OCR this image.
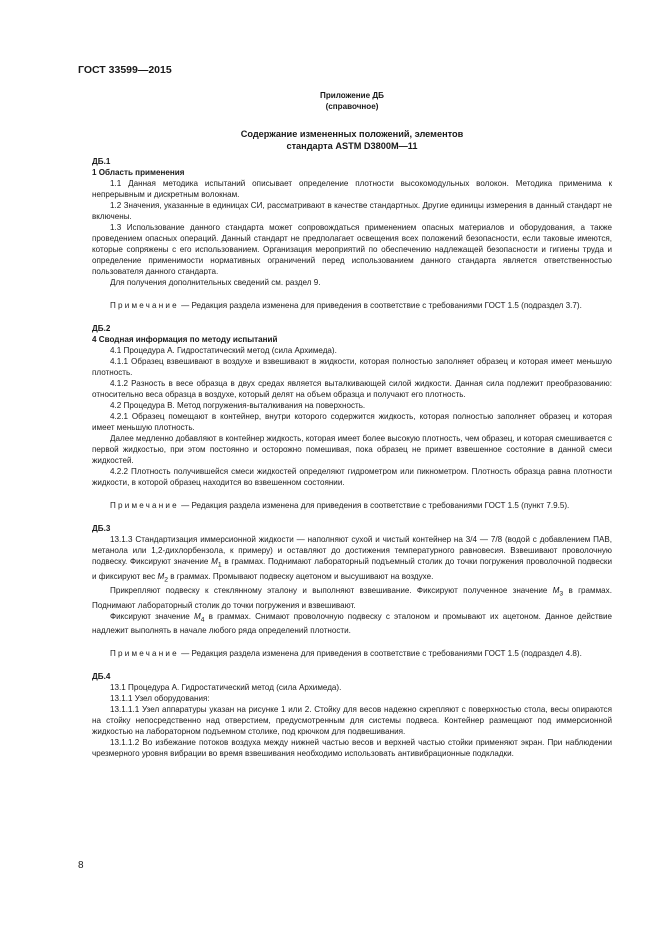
ГОСТ 33599—2015
Приложение ДБ
(справочное)
Содержание измененных положений, элементов
стандарта ASTM D3800M—11
ДБ.1
1 Область применения

1.1 Данная методика испытаний описывает определение плотности высокомодульных волокон. Методика применима к непрерывным и дискретным волокнам.

1.2 Значения, указанные в единицах СИ, рассматривают в качестве стандартных. Другие единицы измерения в данный стандарт не включены.

1.3 Использование данного стандарта может сопровождаться применением опасных материалов и оборудования, а также проведением опасных операций. Данный стандарт не предполагает освещения всех положений безопасности, если таковые имеются, которые сопряжены с его использованием. Организация мероприятий по обеспечению надлежащей безопасности и гигиены труда и определение применимости нормативных ограничений перед использованием данного стандарта является ответственностью пользователя данного стандарта.

Для получения дополнительных сведений см. раздел 9.

Примечание — Редакция раздела изменена для приведения в соответствие с требованиями ГОСТ 1.5 (подраздел 3.7).

ДБ.2
4 Сводная информация по методу испытаний

4.1 Процедура А. Гидростатический метод (сила Архимеда).

4.1.1 Образец взвешивают в воздухе и взвешивают в жидкости, которая полностью заполняет образец и которая имеет меньшую плотность.

4.1.2 Разность в весе образца в двух средах является выталкивающей силой жидкости. Данная сила подлежит преобразованию: относительно веса образца в воздухе, который делят на объем образца и получают его плотность.

4.2 Процедура В. Метод погружения-выталкивания на поверхность.

4.2.1 Образец помещают в контейнер, внутри которого содержится жидкость, которая полностью заполняет образец и которая имеет меньшую плотность.

Далее медленно добавляют в контейнер жидкость, которая имеет более высокую плотность, чем образец, и которая смешивается с первой жидкостью, при этом постоянно и осторожно помешивая, пока образец не примет взвешенное состояние в данной смеси жидкостей.

4.2.2 Плотность получившейся смеси жидкостей определяют гидрометром или пикнометром. Плотность образца равна плотности жидкости, в которой образец находится во взвешенном состоянии.

Примечание — Редакция раздела изменена для приведения в соответствие с требованиями ГОСТ 1.5 (пункт 7.9.5).

ДБ.3

13.1.3 Стандартизация иммерсионной жидкости — наполняют сухой и чистый контейнер на 3/4 — 7/8 (водой с добавлением ПАВ, метанола или 1,2-дихлорбензола, к примеру) и оставляют до достижения температурного равновесия. Взвешивают проволочную подвеску. Фиксируют значение $M_1$ в граммах. Поднимают лабораторный подъемный столик до точки погружения проволочной подвески и фиксируют вес $M_2$ в граммах. Промывают подвеску ацетоном и высушивают на воздухе.

Прикрепляют подвеску к стеклянному эталону и выполняют взвешивание. Фиксируют полученное значение $M_3$ в граммах. Поднимают лабораторный столик до точки погружения и взвешивают.

Фиксируют значение $M_4$ в граммах. Снимают проволочную подвеску с эталоном и промывают их ацетоном. Данное действие надлежит выполнять в начале любого ряда определений плотности.

Примечание — Редакция раздела изменена для приведения в соответствие с требованиями ГОСТ 1.5 (подраздел 4.8).

ДБ.4

13.1 Процедура А. Гидростатический метод (сила Архимеда).

13.1.1 Узел оборудования:

13.1.1.1 Узел аппаратуры указан на рисунке 1 или 2. Стойку для весов надежно скрепляют с поверхностью стола, весы опираются на стойку непосредственно над отверстием, предусмотренным для системы подвеса. Контейнер размещают под иммерсионной жидкостью на лабораторном подъемном столике, под крючком для подвешивания.

13.1.1.2 Во избежание потоков воздуха между нижней частью весов и верхней частью стойки применяют экран. При наблюдении чрезмерного уровня вибрации во время взвешивания необходимо использовать антивибрационные подкладки.

8
